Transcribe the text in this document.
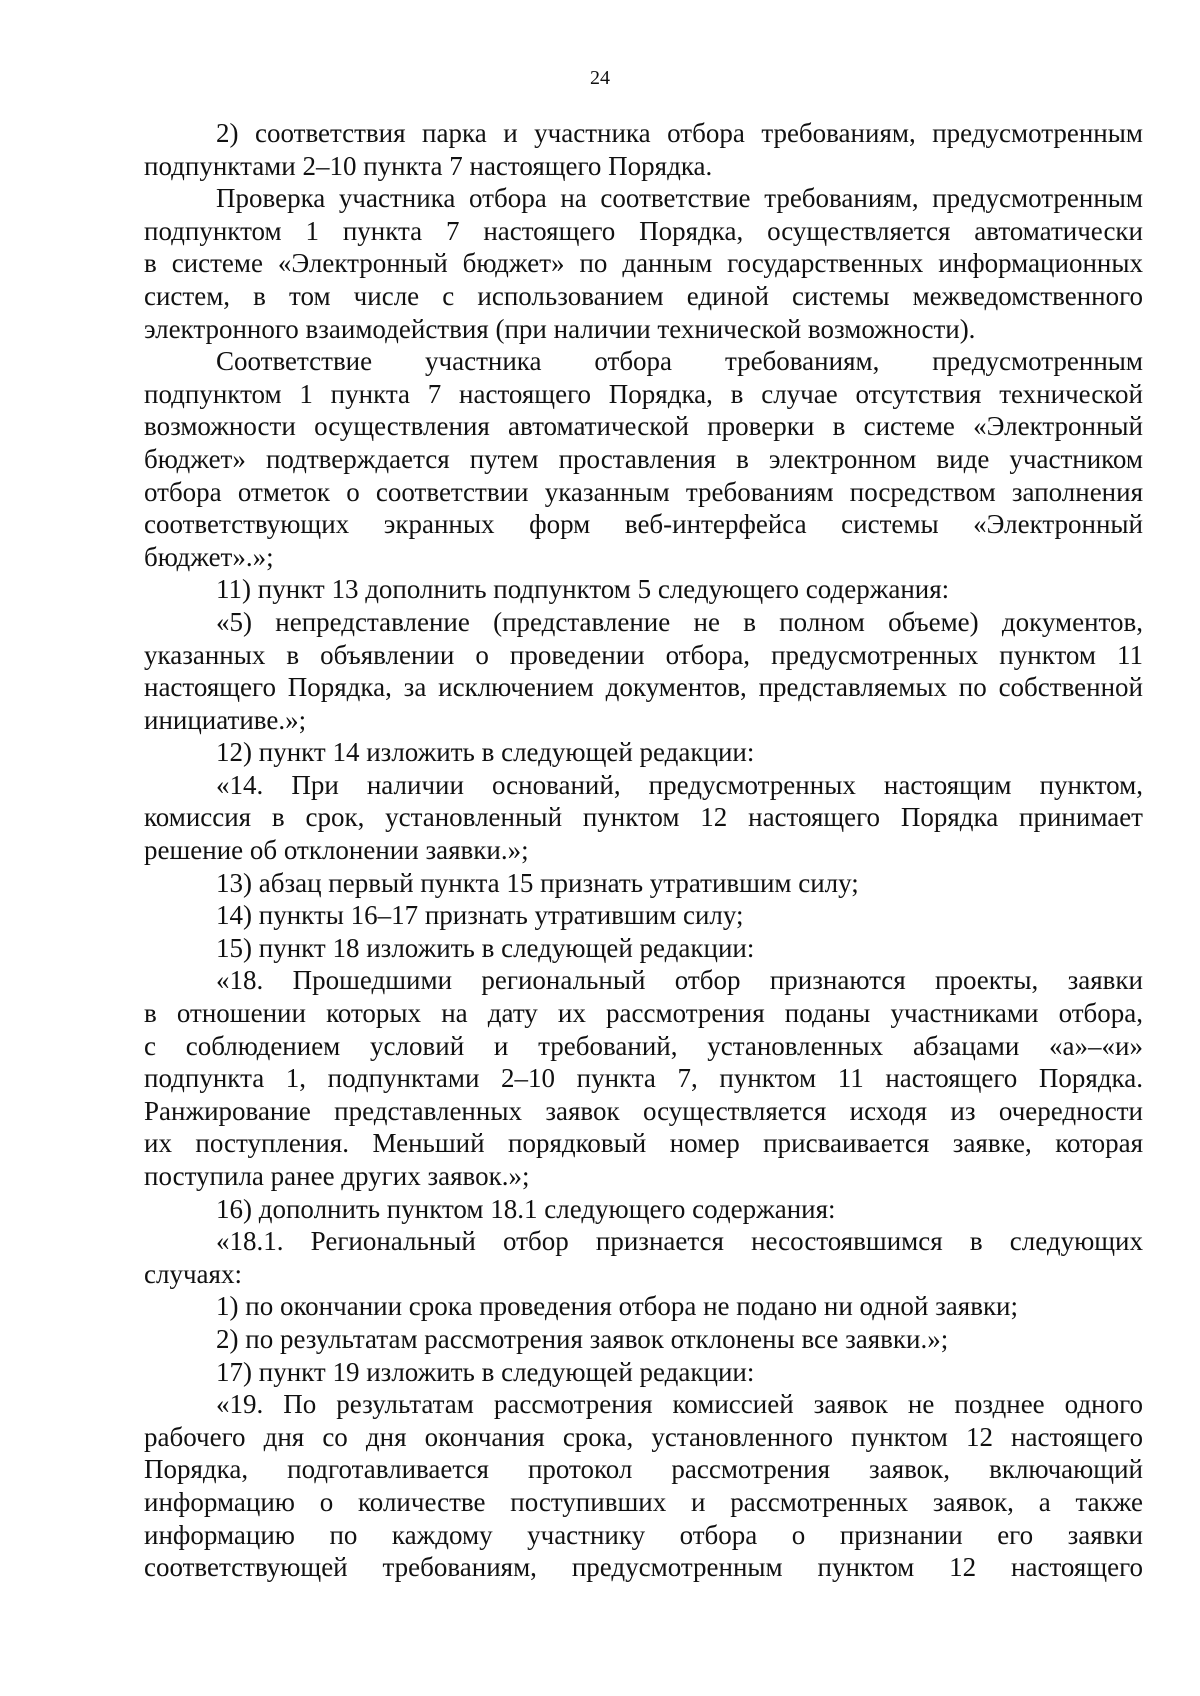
24
2) соответствия парка и участника отбора требованиям, предусмотренным
подпунктами 2–10 пункта 7 настоящего Порядка.
Проверка участника отбора на соответствие требованиям, предусмотренным
подпунктом 1 пункта 7 настоящего Порядка, осуществляется автоматически
в системе «Электронный бюджет» по данным государственных информационных
систем, в том числе с использованием единой системы межведомственного
электронного взаимодействия (при наличии технической возможности).
Соответствие участника отбора требованиям, предусмотренным
подпунктом 1 пункта 7 настоящего Порядка, в случае отсутствия технической
возможности осуществления автоматической проверки в системе «Электронный
бюджет» подтверждается путем проставления в электронном виде участником
отбора отметок о соответствии указанным требованиям посредством заполнения
соответствующих экранных форм веб-интерфейса системы «Электронный
бюджет».»;
11) пункт 13 дополнить подпунктом 5 следующего содержания:
«5) непредставление (представление не в полном объеме) документов,
указанных в объявлении о проведении отбора, предусмотренных пунктом 11
настоящего Порядка, за исключением документов, представляемых по собственной
инициативе.»;
12) пункт 14 изложить в следующей редакции:
«14. При наличии оснований, предусмотренных настоящим пунктом,
комиссия в срок, установленный пунктом 12 настоящего Порядка принимает
решение об отклонении заявки.»;
13) абзац первый пункта 15 признать утратившим силу;
14) пункты 16–17 признать утратившим силу;
15) пункт 18 изложить в следующей редакции:
«18. Прошедшими региональный отбор признаются проекты, заявки
в отношении которых на дату их рассмотрения поданы участниками отбора,
с соблюдением условий и требований, установленных абзацами «а»–«и»
подпункта 1, подпунктами 2–10 пункта 7, пунктом 11 настоящего Порядка.
Ранжирование представленных заявок осуществляется исходя из очередности
их поступления. Меньший порядковый номер присваивается заявке, которая
поступила ранее других заявок.»;
16) дополнить пунктом 18.1 следующего содержания:
«18.1. Региональный отбор признается несостоявшимся в следующих
случаях:
1) по окончании срока проведения отбора не подано ни одной заявки;
2) по результатам рассмотрения заявок отклонены все заявки.»;
17) пункт 19 изложить в следующей редакции:
«19. По результатам рассмотрения комиссией заявок не позднее одного
рабочего дня со дня окончания срока, установленного пунктом 12 настоящего
Порядка, подготавливается протокол рассмотрения заявок, включающий
информацию о количестве поступивших и рассмотренных заявок, а также
информацию по каждому участнику отбора о признании его заявки
соответствующей требованиям, предусмотренным пунктом 12 настоящего
